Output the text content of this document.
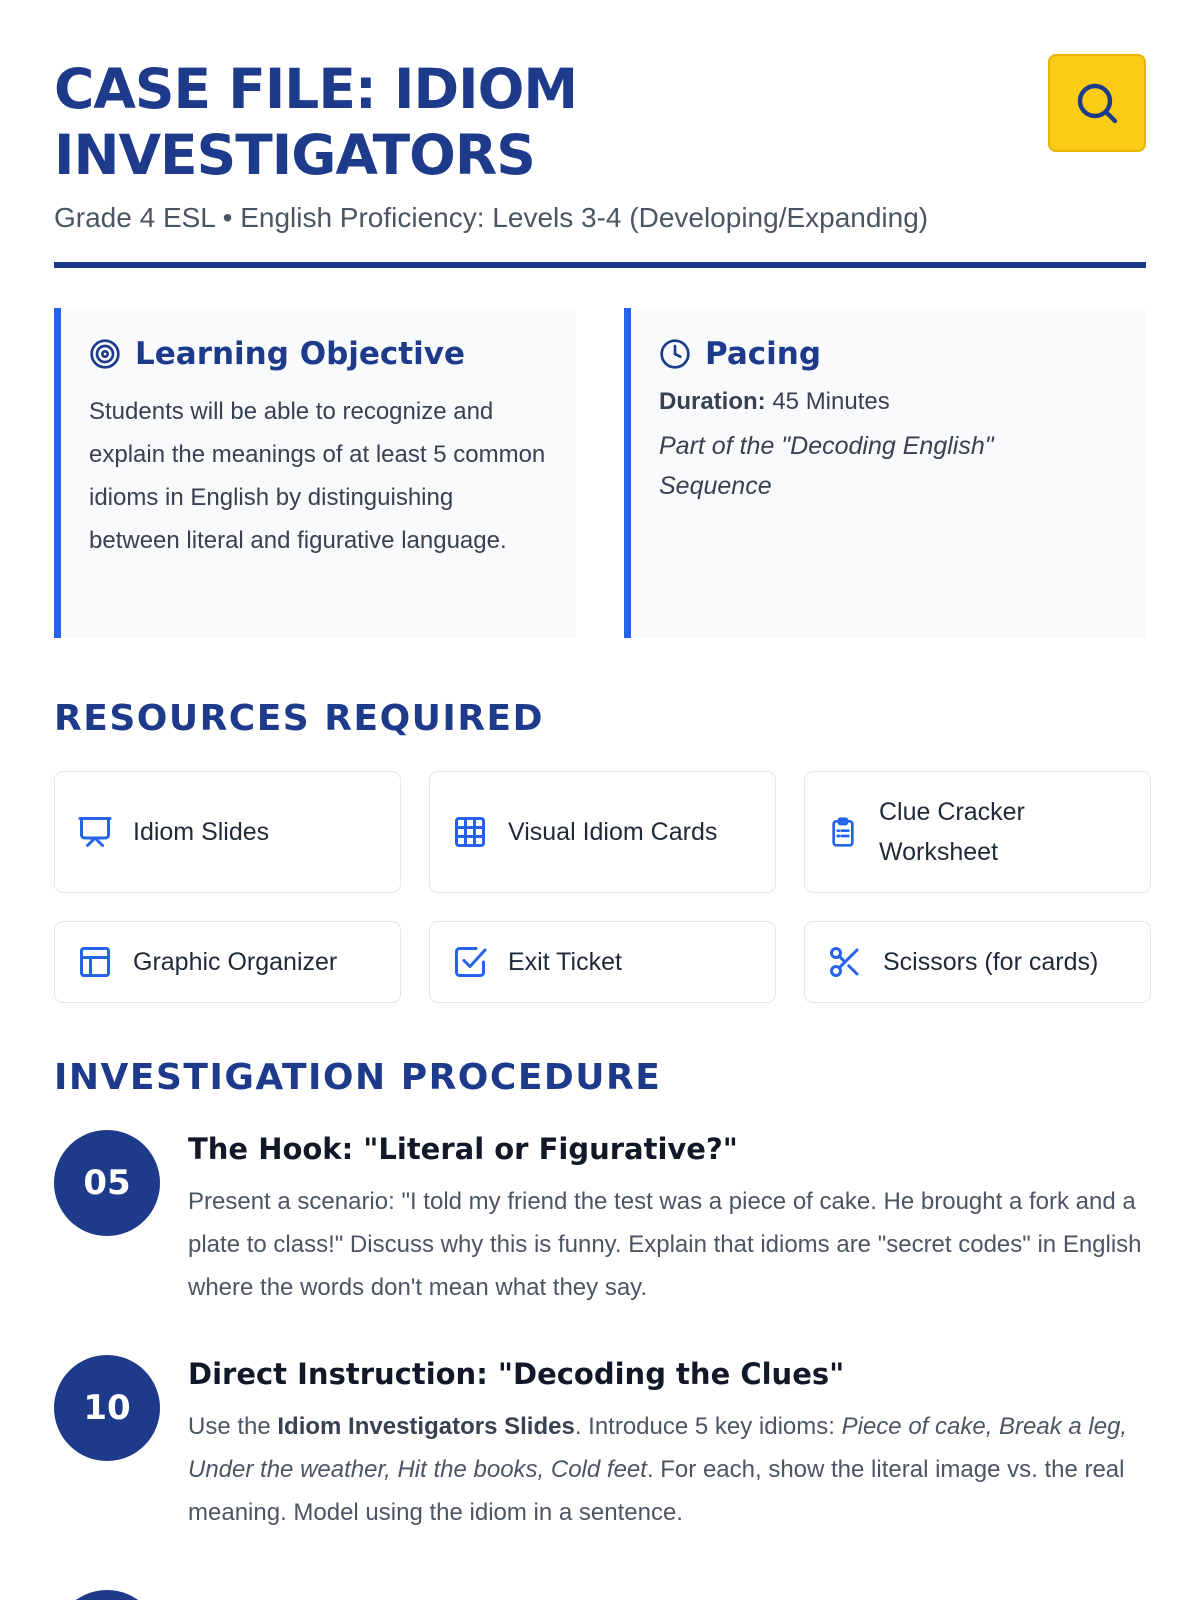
CASE FILE: IDIOM INVESTIGATORS
Grade 4 ESL • English Proficiency: Levels 3-4 (Developing/Expanding)
Learning Objective
Students will be able to recognize and explain the meanings of at least 5 common idioms in English by distinguishing between literal and figurative language.
Pacing
Duration: 45 Minutes
Part of the "Decoding English" Sequence
RESOURCES REQUIRED
Idiom Slides	Visual Idiom Cards
Clue Cracker Worksheet
Graphic Organizer	Exit Ticket	Scissors (for cards)
INVESTIGATION PROCEDURE
05
The Hook: "Literal or Figurative?"
Present a scenario: "I told my friend the test was a piece of cake. He brought a fork and a plate to class!" Discuss why this is funny. Explain that idioms are "secret codes" in English where the words don't mean what they say.
10
Direct Instruction: "Decoding the Clues"
Use the Idiom Investigators Slides. Introduce 5 key idioms: Piece of cake, Break a leg, Under the weather, Hit the books, Cold feet. For each, show the literal image vs. the real meaning. Model using the idiom in a sentence.
